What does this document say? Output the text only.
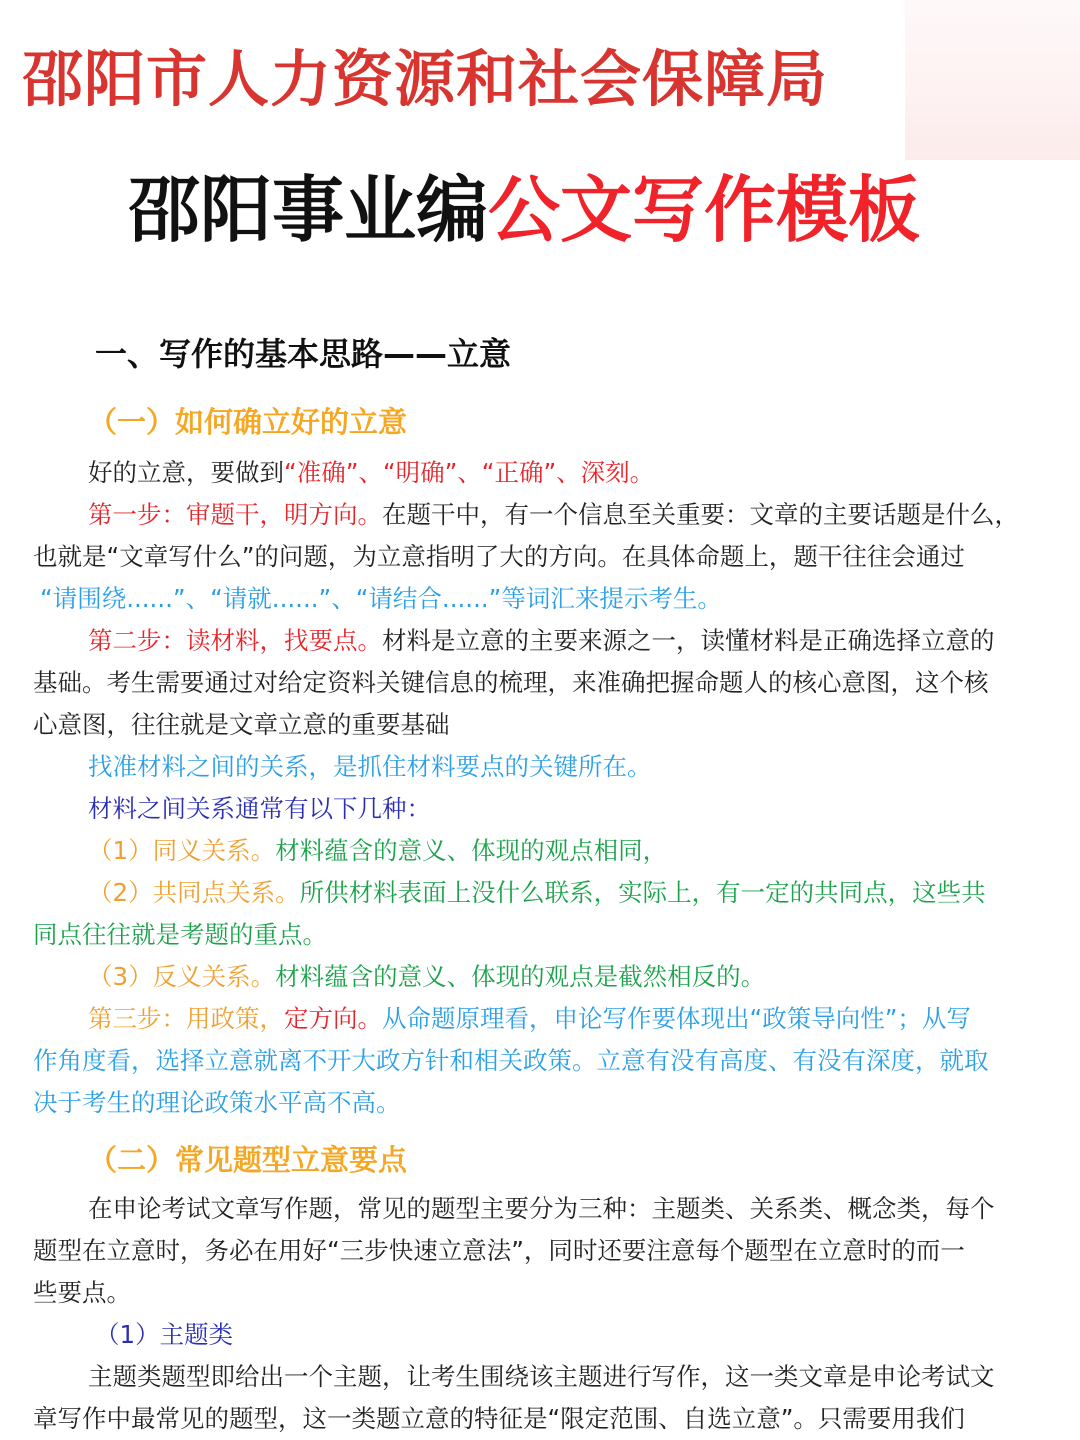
邵阳市人力资源和社会保障局
邵阳事业编公文写作模板
一、写作的基本思路——立意
（一）如何确立好的立意
好的立意，要做到“准确”、“明确”、“正确”、深刻。
第一步：审题干，明方向。在题干中，有一个信息至关重要：文章的主要话题是什么，
也就是“文章写什么”的问题，为立意指明了大的方向。在具体命题上，题干往往会通过
“请围绕......”、“请就......”、“请结合......”等词汇来提示考生。
第二步：读材料，找要点。材料是立意的主要来源之一，读懂材料是正确选择立意的
基础。考生需要通过对给定资料关键信息的梳理，来准确把握命题人的核心意图，这个核
心意图，往往就是文章立意的重要基础
找准材料之间的关系，是抓住材料要点的关键所在。
材料之间关系通常有以下几种：
（1）同义关系。材料蕴含的意义、体现的观点相同，
（2）共同点关系。所供材料表面上没什么联系，实际上，有一定的共同点，这些共
同点往往就是考题的重点。
（3）反义关系。材料蕴含的意义、体现的观点是截然相反的。
第三步：用政策，定方向。从命题原理看，申论写作要体现出“政策导向性”；从写
作角度看，选择立意就离不开大政方针和相关政策。立意有没有高度、有没有深度，就取
决于考生的理论政策水平高不高。
（二）常见题型立意要点
在申论考试文章写作题，常见的题型主要分为三种：主题类、关系类、概念类，每个
题型在立意时，务必在用好“三步快速立意法”，同时还要注意每个题型在立意时的而一
些要点。
（1）主题类
主题类题型即给出一个主题，让考生围绕该主题进行写作，这一类文章是申论考试文
章写作中最常见的题型，这一类题立意的特征是“限定范围、自选立意”。只需要用我们
